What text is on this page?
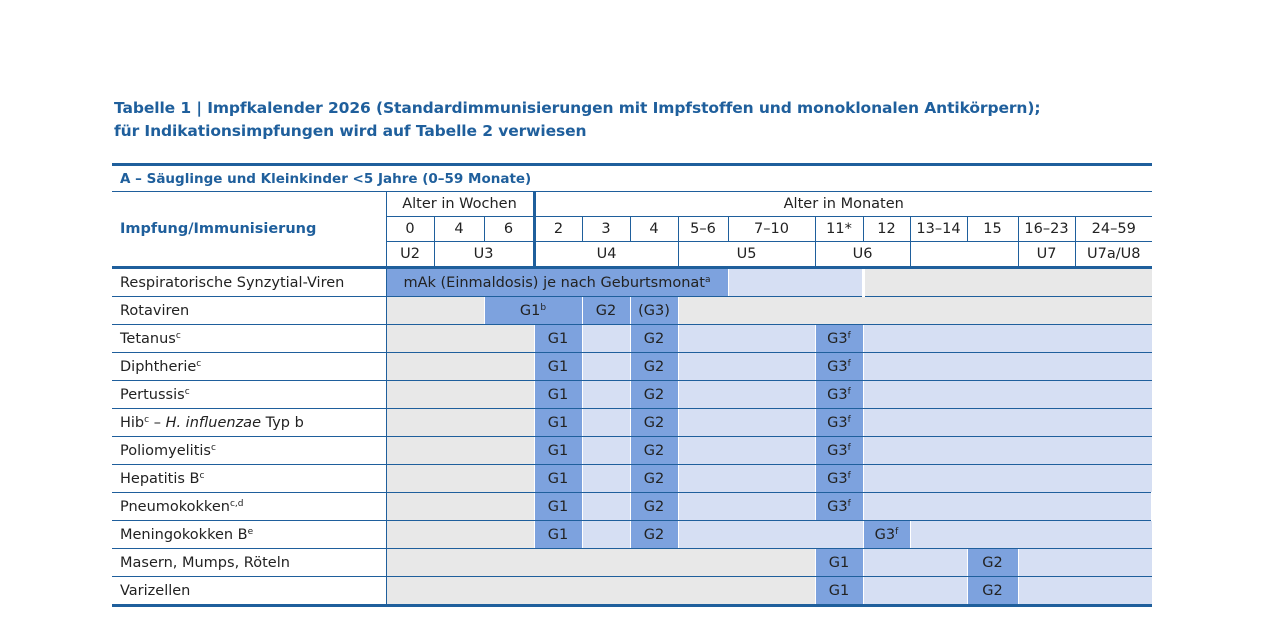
Tabelle 1 | Impfkalender 2026 (Standardimmunisierungen mit Impfstoffen und monoklonalen Antikörpern);
für Indikationsimpfungen wird auf Tabelle 2 verwiesen

A – Säuglinge und Kleinkinder <5 Jahre (0–59 Monate)															
Impfung/Immunisierung	Alter in Wochen			Alter in Monaten											
	0	4	6	2	3	4	5–6	7–10	11*	12	13–14	15	16–23	24–59	
	U2	U3		U4			U5		U6				U7	U7a/U8	
Respiratorische Synzytial-Viren	mAk (Einmaldosis) je nach Geburtsmonat$^a$		
Rotaviren			G1$^b$		G2	(G3)									
Tetanus$^c$				G1		G2			G3$^f$	
Diphtherie$^c$				G1		G2			G3$^f$	
Pertussis$^c$				G1		G2			G3$^f$	
Hib$^c$ – H. influenzae Typ b				G1		G2			G3$^f$	
Poliomyelitis$^c$				G1		G2			G3$^f$	
Hepatitis $B^c$				G1		G2			G3$^f$	
Pneumokokken$^{c,d}$				G1		G2			G3$^f$		
Meningokokken $B^e$				G1		G2				G3$^f$	
Masern, Mumps, Röteln									G1			G2			
Varizellen									G1			G2			
